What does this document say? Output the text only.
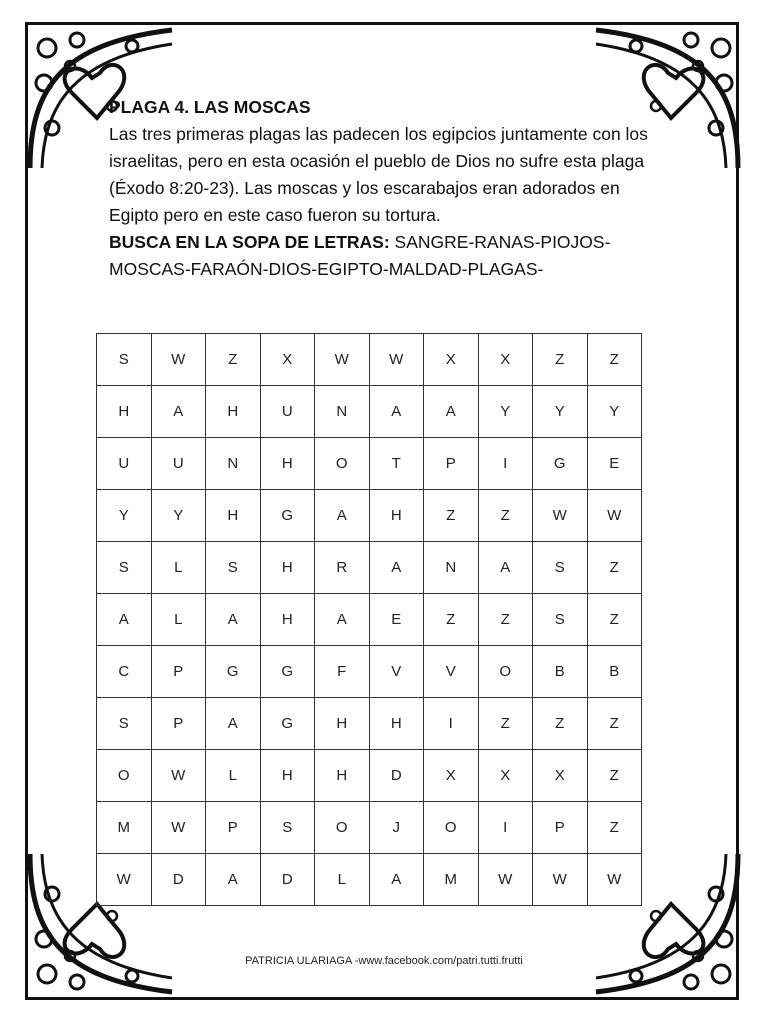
PLAGA 4. LAS MOSCAS

Las tres primeras plagas las padecen los egipcios juntamente con los israelitas, pero en esta ocasión el pueblo de Dios no sufre esta plaga (Éxodo 8:20-23). Las moscas y los escarabajos eran adorados en Egipto pero en este caso fueron su tortura.

BUSCA EN LA SOPA DE LETRAS: SANGRE-RANAS-PIOJOS-MOSCAS-FARAÓN-DIOS-EGIPTO-MALDAD-PLAGAS-

S	W	Z	X	W	W	X	X	Z	Z
H	A	H	U	N	A	A	Y	Y	Y
U	U	N	H	O	T	P	I	G	E
Y	Y	H	G	A	H	Z	Z	W	W
S	L	S	H	R	A	N	A	S	Z
A	L	A	H	A	E	Z	Z	S	Z
C	P	G	G	F	V	V	O	B	B
S	P	A	G	H	H	I	Z	Z	Z
O	W	L	H	H	D	X	X	X	Z
M	W	P	S	O	J	O	I	P	Z
W	D	A	D	L	A	M	W	W	W
PATRICIA ULARIAGA -www.facebook.com/patri.tutti.frutti
